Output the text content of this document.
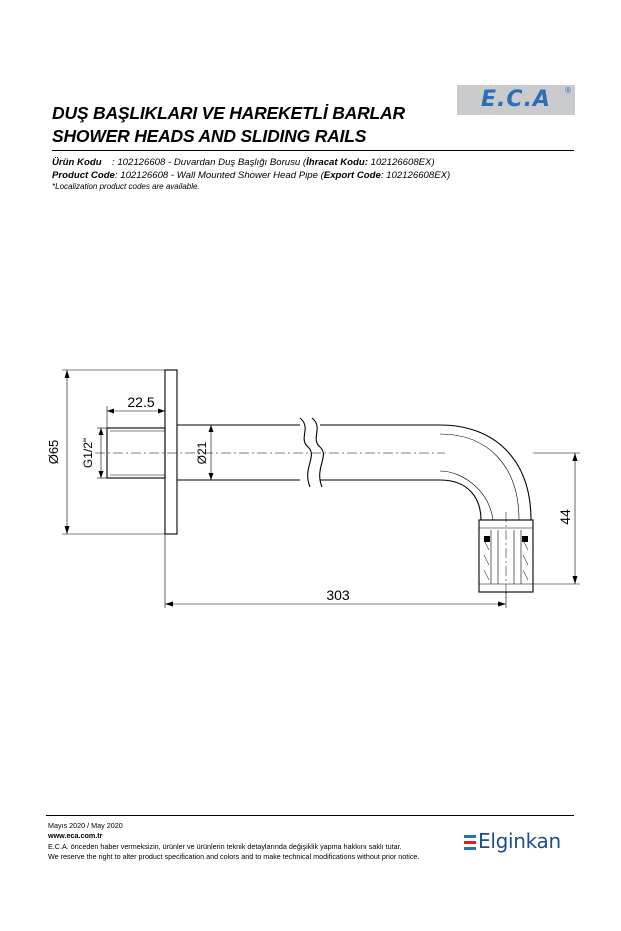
E.C.A	®
DUŞ BAŞLIKLARI VE HAREKETLİ BARLAR
SHOWER HEADS AND SLIDING RAILS
Ürün Kodu : 102126608 - Duvardan Duş Başlığı Borusu (İhracat Kodu: 102126608EX)
Product Code: 102126608 - Wall Mounted Shower Head Pipe (Export Code: 102126608EX)
*Localization product codes are available.
Ø65 G1/2"
22.5
Ø21
44
303
Mayıs 2020 / May 2020
www.eca.com.tr
E.C.A. önceden haber vermeksizin, ürünler ve ürünlerin teknik detaylarında değişiklik yapma hakkını saklı tutar.
We reserve the right to alter product specification and colors and to make technical modifications without prior notice.
Elginkan
